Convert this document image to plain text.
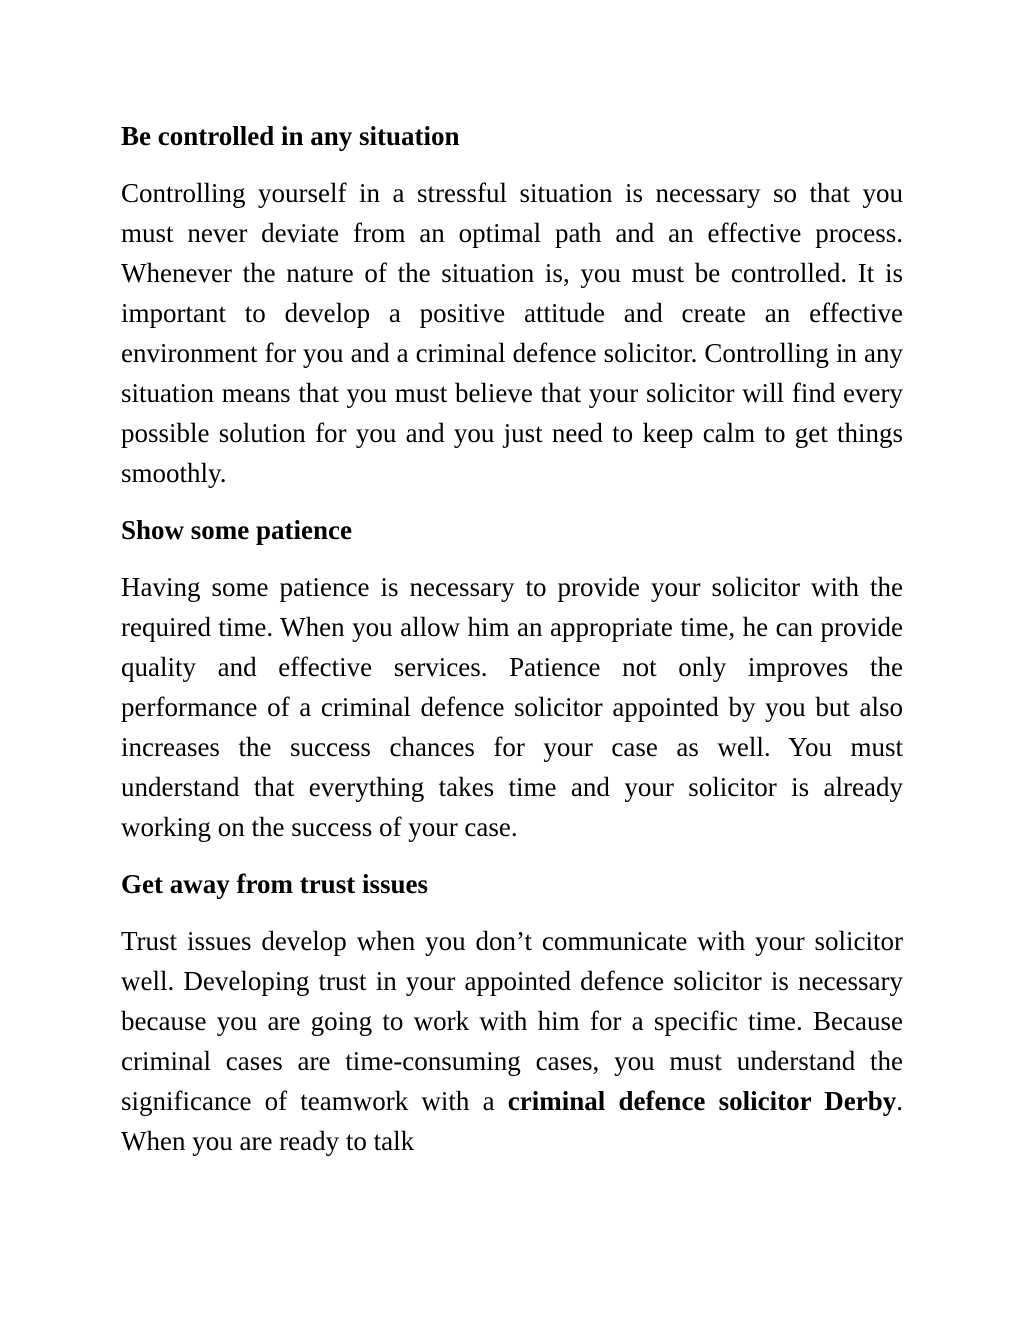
Be controlled in any situation
Controlling yourself in a stressful situation is necessary so that you must never deviate from an optimal path and an effective process. Whenever the nature of the situation is, you must be controlled. It is important to develop a positive attitude and create an effective environment for you and a criminal defence solicitor. Controlling in any situation means that you must believe that your solicitor will find every possible solution for you and you just need to keep calm to get things smoothly.
Show some patience
Having some patience is necessary to provide your solicitor with the required time. When you allow him an appropriate time, he can provide quality and effective services. Patience not only improves the performance of a criminal defence solicitor appointed by you but also increases the success chances for your case as well. You must understand that everything takes time and your solicitor is already working on the success of your case.
Get away from trust issues
Trust issues develop when you don’t communicate with your solicitor well. Developing trust in your appointed defence solicitor is necessary because you are going to work with him for a specific time. Because criminal cases are time-consuming cases, you must understand the significance of teamwork with a criminal defence solicitor Derby. When you are ready to talk
